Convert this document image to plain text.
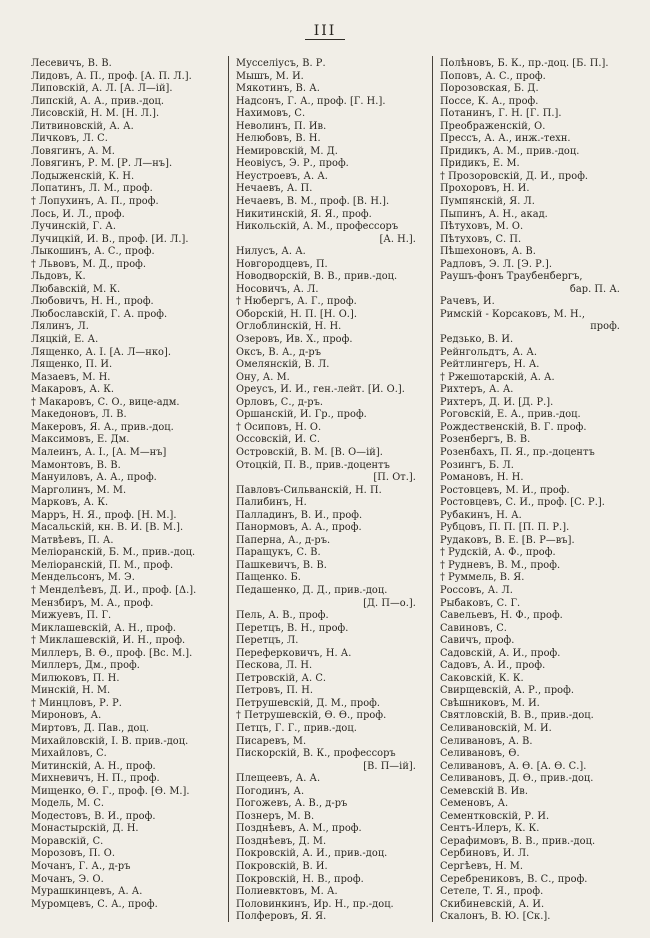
III
Лесевичъ, В. В.
Лидовъ, А. П., проф. [А. П. Л.].
Липовскій, А. Л. [А. Л—ій].
Липскій, А. А., прив.-доц.
Лисовскій, Н. М. [Н. Л.].
Литвиновскій, А. А.
Личковъ, Л. С.
Ловягинъ, А. М.
Ловягинъ, Р. М. [Р. Л—нъ].
Лодыженскій, К. Н.
Лопатинъ, Л. М., проф.
† Лопухинъ, А. П., проф.
Лось, И. Л., проф.
Лучинскій, Г. А.
Лучицкій, И. В., проф. [И. Л.].
Лыкошинъ, А. С., проф.
† Львовъ, М. Д., проф.
Льдовъ, К.
Любавскій, М. К.
Любовичъ, Н. Н., проф.
Любославскій, Г. А. проф.
Лялинъ, Л.
Ляцкій, Е. А.
Лященко, А. І. [А. Л—нко].
Лященко, П. И.
Мазаевъ, М. Н.
Макаровъ, А. К.
† Макаровъ, С. О., вице-адм.
Македоновъ, Л. В.
Макеровъ, Я. А., прив.-доц.
Максимовъ, Е. Дм.
Малеинъ, А. І., [А. М—нъ]
Мамонтовъ, В. В.
Мануиловъ, А. А., проф.
Марголинъ, М. М.
Марковъ, А. К.
Марръ, Н. Я., проф. [Н. М.].
Масальскій, кн. В. И. [В. М.].
Матвѣевъ, П. А.
Меліоранскій, Б. М., прив.-доц.
Меліоранскій, П. М., проф.
Мендельсонъ, М. Э.
† Менделѣевъ, Д. И., проф. [Δ.].
Мензбиръ, М. А., проф.
Мижуевъ, П. Г.
Миклашевскій, А. Н., проф.
† Миклашевскій, И. Н., проф.
Миллеръ, В. Ѳ., проф. [Вс. М.].
Миллеръ, Дм., проф.
Милюковъ, П. Н.
Минскій, Н. М.
† Минцловъ, Р. Р.
Мироновъ, А.
Миртовъ, Д. Пав., доц.
Михайловскій, І. В. прив.-доц.
Михайловъ, С.
Митинскій, А. Н., проф.
Михневичъ, Н. П., проф.
Мищенко, Ѳ. Г., проф. [Ѳ. М.].
Модель, М. С.
Модестовъ, В. И., проф.
Монастырскій, Д. Н.
Моравскій, С.
Морозовъ, П. О.
Мочанъ, Г. А., д-ръ
Мочанъ, Э. О.
Мурашкинцевъ, А. А.
Муромцевъ, С. А., проф.
Мусселіусъ, В. Р.
Мышъ, М. И.
Мякотинъ, В. А.
Надсонъ, Г. А., проф. [Г. Н.].
Нахимовъ, С.
Неволинъ, П. Ив.
Нелюбовъ, В. Н.
Немировскій, М. Д.
Неовіусъ, Э. Р., проф.
Неустроевъ, А. А.
Нечаевъ, А. П.
Нечаевъ, В. М., проф. [В. Н.].
Никитинскій, Я. Я., проф.
Никольскій, А. М., профессоръ
[А. Н.].
Нилусъ, А. А.
Новгородцевъ, П.
Новодворскій, В. В., прив.-доц.
Носовичъ, А. Л.
† Нюбергъ, А. Г., проф.
Оборскій, Н. П. [Н. О.].
Оглоблинскій, Н. Н.
Озеровъ, Ив. Х., проф.
Оксъ, В. А., д-ръ
Омелянскій, В. Л.
Ону, А. М.
Ореусъ, И. И., ген.-лейт. [И. О.].
Орловъ, С., д-ръ.
Оршанскій, И. Гр., проф.
† Осиповъ, Н. О.
Оссовскій, И. С.
Островскій, В. М. [В. О—ій].
Отоцкій, П. В., прив.-доцентъ
[П. От.].
Павловъ-Сильванскій, Н. П.
Палибинъ, Н.
Палладинъ, В. И., проф.
Панормовъ, А. А., проф.
Паперна, А., д-ръ.
Паращукъ, С. В.
Пашкевичъ, В. В.
Пащенко. Б.
Педашенко, Д. Д., прив.-доц.
[Д. П—о.].
Пель, А. В., проф.
Перетцъ, В. Н., проф.
Перетцъ, Л.
Переферковичъ, Н. А.
Пескова, Л. Н.
Петровскій, А. С.
Петровъ, П. Н.
Петрушевскій, Д. М., проф.
† Петрушевскій, Ѳ. Ѳ., проф.
Петцъ, Г. Г., прив.-доц.
Писаревъ, М.
Пискорскій, В. К., профессоръ
[В. П—ій].
Плещеевъ, А. А.
Погодинъ, А.
Погожевъ, А. В., д-ръ
Познеръ, М. В.
Позднѣевъ, А. М., проф.
Позднѣевъ, Д. М.
Покровскій, А. И., прив.-доц.
Покровскій, В. И.
Покровскій, Н. В., проф.
Полиевктовъ, М. А.
Половинкинъ, Ир. Н., пр.-доц.
Полферовъ, Я. Я.
Полѣновъ, Б. К., пр.-доц. [Б. П.].
Поповъ, А. С., проф.
Порозовская, Б. Д.
Поссе, К. А., проф.
Потанинъ, Г. Н. [Г. П.].
Преображенскій, О.
Прессъ, А. А., инж.-техн.
Придикъ, А. М., прив.-доц.
Придикъ, Е. М.
† Прозоровскій, Д. И., проф.
Прохоровъ, Н. И.
Пумпянскій, Я. Л.
Пыпинъ, А. Н., акад.
Пѣтуховъ, М. О.
Пѣтуховъ, С. П.
Пѣшехоновъ, А. В.
Радловъ, Э. Л. [Э. Р.].
Раушъ-фонъ Траубенбергъ,
бар. П. А.
Рачевъ, И.
Римскій - Корсаковъ, М. Н.,
проф.
Редзько, В. И.
Рейнгольдтъ, А. А.
Рейтлингеръ, Н. А.
† Ржешотарскій, А. А.
Рихтеръ, А. А.
Рихтеръ, Д. И. [Д. Р.].
Роговскій, Е. А., прив.-доц.
Рождественскій, В. Г. проф.
Розенбергъ, В. В.
Розенбахъ, П. Я., пр.-доцентъ
Розингъ, Б. Л.
Романовъ, Н. Н.
Ростовцевъ, М. И., проф.
Ростовцевъ, С. И., проф. [С. Р.].
Рубакинъ, Н. А.
Рубцовъ, П. П. [П. П. Р.].
Рудаковъ, В. Е. [В. Р—въ].
† Рудскій, А. Ф., проф.
† Рудневъ, В. М., проф.
† Руммель, В. Я.
Россовъ, А. Л.
Рыбаковъ, С. Г.
Савельевъ, Н. Ф., проф.
Савиновъ, С.
Савичъ, проф.
Садовскій, А. И., проф.
Садовъ, А. И., проф.
Саковскій, К. К.
Свирщевскій, А. Р., проф.
Свѣшниковъ, М. И.
Святловскій, В. В., прив.-доц.
Селивановскій, М. И.
Селивановъ, А. В.
Селивановъ, Ѳ.
Селивановъ, А. Ѳ. [А. Ѳ. С.].
Селивановъ, Д. Ѳ., прив.-доц.
Семевскій В. Ив.
Семеновъ, А.
Сементковскій, Р. И.
Сентъ-Илеръ, К. К.
Серафимовъ, В. В., прив.-доц.
Сербиновъ, И. Л.
Сергѣевъ, Н. М.
Серебрениковъ, В. С., проф.
Сетеле, Т. Я., проф.
Скибиневскій, А. И.
Скалонъ, В. Ю. [Ск.].
